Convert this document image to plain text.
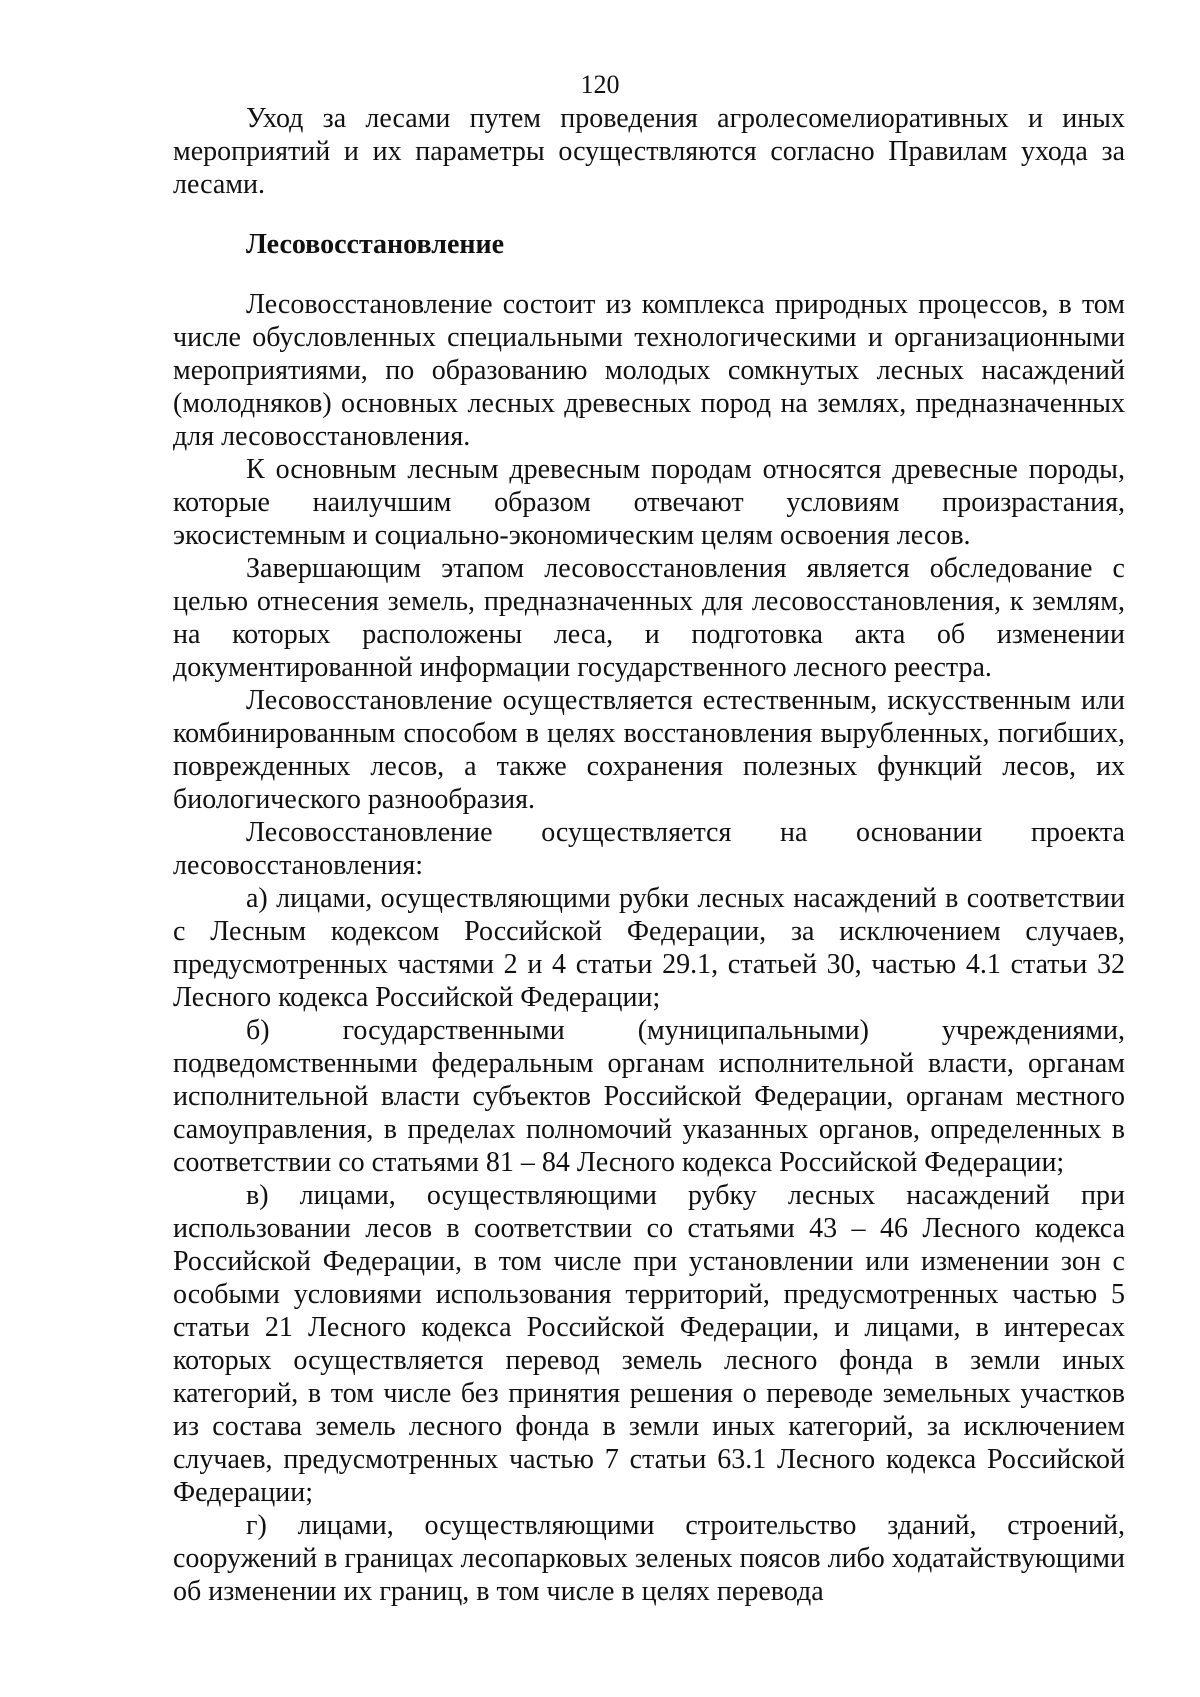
120

Уход за лесами путем проведения агролесомелиоративных и иных мероприятий и их параметры осуществляются согласно Правилам ухода за лесами.

Лесовосстановление

Лесовосстановление состоит из комплекса природных процессов, в том числе обусловленных специальными технологическими и организационными мероприятиями, по образованию молодых сомкнутых лесных насаждений (молодняков) основных лесных древесных пород на землях, предназначенных для лесовосстановления.

К основным лесным древесным породам относятся древесные породы, которые наилучшим образом отвечают условиям произрастания, экосистемным и социально-экономическим целям освоения лесов.

Завершающим этапом лесовосстановления является обследование с целью отнесения земель, предназначенных для лесовосстановления, к землям, на которых расположены леса, и подготовка акта об изменении документированной информации государственного лесного реестра.

Лесовосстановление осуществляется естественным, искусственным или комбинированным способом в целях восстановления вырубленных, погибших, поврежденных лесов, а также сохранения полезных функций лесов, их биологического разнообразия.

Лесовосстановление осуществляется на основании проекта лесовосстановления:

а) лицами, осуществляющими рубки лесных насаждений в соответствии с Лесным кодексом Российской Федерации, за исключением случаев, предусмотренных частями 2 и 4 статьи 29.1, статьей 30, частью 4.1 статьи 32 Лесного кодекса Российской Федерации;

б) государственными (муниципальными) учреждениями, подведомственными федеральным органам исполнительной власти, органам исполнительной власти субъектов Российской Федерации, органам местного самоуправления, в пределах полномочий указанных органов, определенных в соответствии со статьями 81 – 84 Лесного кодекса Российской Федерации;

в) лицами, осуществляющими рубку лесных насаждений при использовании лесов в соответствии со статьями 43 – 46 Лесного кодекса Российской Федерации, в том числе при установлении или изменении зон с особыми условиями использования территорий, предусмотренных частью 5 статьи 21 Лесного кодекса Российской Федерации, и лицами, в интересах которых осуществляется перевод земель лесного фонда в земли иных категорий, в том числе без принятия решения о переводе земельных участков из состава земель лесного фонда в земли иных категорий, за исключением случаев, предусмотренных частью 7 статьи 63.1 Лесного кодекса Российской Федерации;

г) лицами, осуществляющими строительство зданий, строений, сооружений в границах лесопарковых зеленых поясов либо ходатайствующими об изменении их границ, в том числе в целях перевода
